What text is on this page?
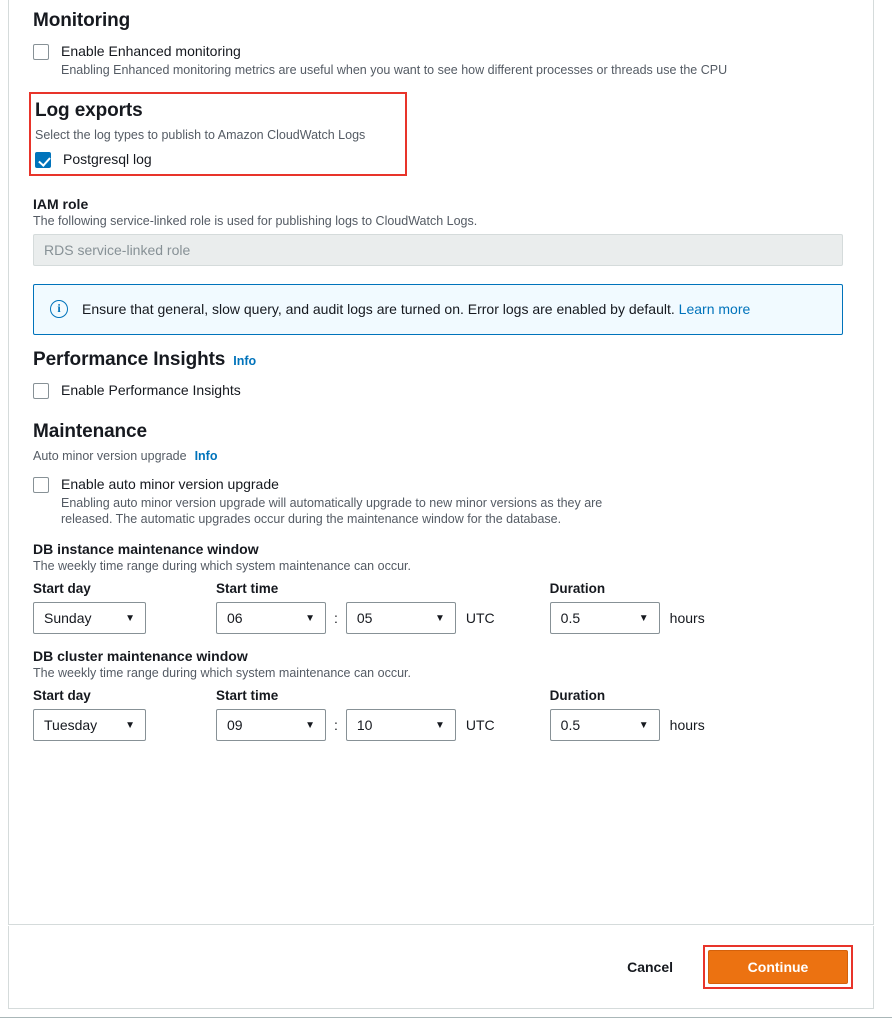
Monitoring
Enable Enhanced monitoring
Enabling Enhanced monitoring metrics are useful when you want to see how different processes or threads use the CPU
Log exports
Select the log types to publish to Amazon CloudWatch Logs
Postgresql log
IAM role
The following service-linked role is used for publishing logs to CloudWatch Logs.
RDS service-linked role
i	Ensure that general, slow query, and audit logs are turned on. Error logs are enabled by default. Learn more
Performance Insights Info
Enable Performance Insights
Maintenance
Auto minor version upgrade Info
Enable auto minor version upgrade
Enabling auto minor version upgrade will automatically upgrade to new minor versions as they are released. The automatic upgrades occur during the maintenance window for the database.
DB instance maintenance window
The weekly time range during which system maintenance can occur.
Start day
Sunday	▼
Start time
06	▼	:	05	▼	UTC
Duration
0.5	▼	hours
DB cluster maintenance window
The weekly time range during which system maintenance can occur.
Start day
Tuesday	▼
Start time
09	▼	:	10	▼	UTC
Duration
0.5	▼	hours
Cancel	Continue
